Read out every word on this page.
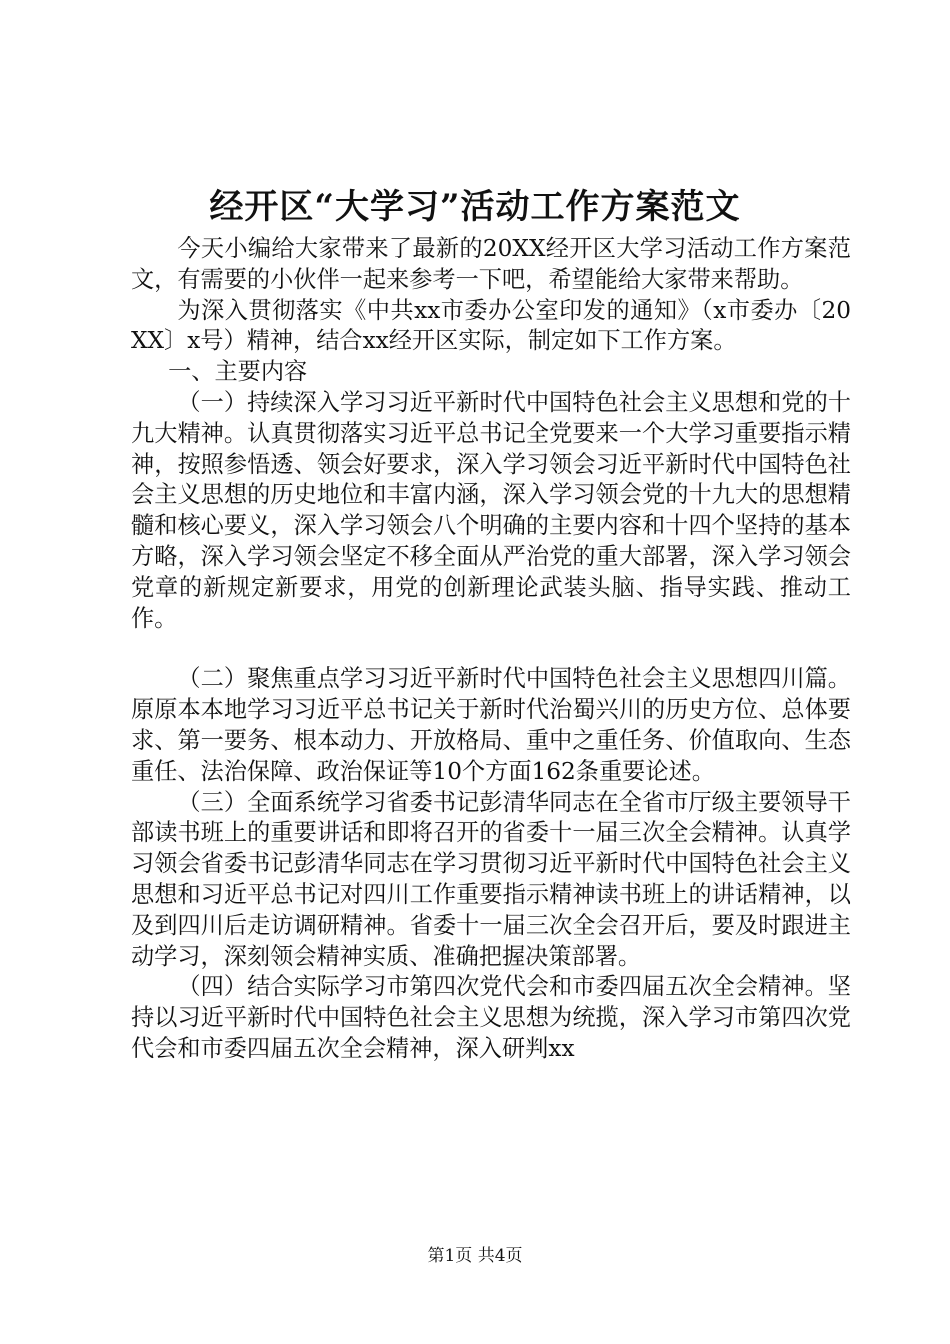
经开区“大学习”活动工作方案范文

今天小编给大家带来了最新的20XX经开区大学习活动工作方案范文，有需要的小伙伴一起来参考一下吧，希望能给大家带来帮助。

为深入贯彻落实《中共xx市委办公室印发的通知》（x市委办〔20XX〕x号）精神，结合xx经开区实际，制定如下工作方案。

一、主要内容

（一）持续深入学习习近平新时代中国特色社会主义思想和党的十九大精神。认真贯彻落实习近平总书记全党要来一个大学习重要指示精神，按照参悟透、领会好要求，深入学习领会习近平新时代中国特色社会主义思想的历史地位和丰富内涵，深入学习领会党的十九大的思想精髓和核心要义，深入学习领会八个明确的主要内容和十四个坚持的基本方略，深入学习领会坚定不移全面从严治党的重大部署，深入学习领会党章的新规定新要求，用党的创新理论武装头脑、指导实践、推动工作。

（二）聚焦重点学习习近平新时代中国特色社会主义思想四川篇。原原本本地学习习近平总书记关于新时代治蜀兴川的历史方位、总体要求、第一要务、根本动力、开放格局、重中之重任务、价值取向、生态重任、法治保障、政治保证等10个方面162条重要论述。

（三）全面系统学习省委书记彭清华同志在全省市厅级主要领导干部读书班上的重要讲话和即将召开的省委十一届三次全会精神。认真学习领会省委书记彭清华同志在学习贯彻习近平新时代中国特色社会主义思想和习近平总书记对四川工作重要指示精神读书班上的讲话精神，以及到四川后走访调研精神。省委十一届三次全会召开后，要及时跟进主动学习，深刻领会精神实质、准确把握决策部署。

（四）结合实际学习市第四次党代会和市委四届五次全会精神。坚持以习近平新时代中国特色社会主义思想为统揽，深入学习市第四次党代会和市委四届五次全会精神，深入研判xx

第1页 共4页
